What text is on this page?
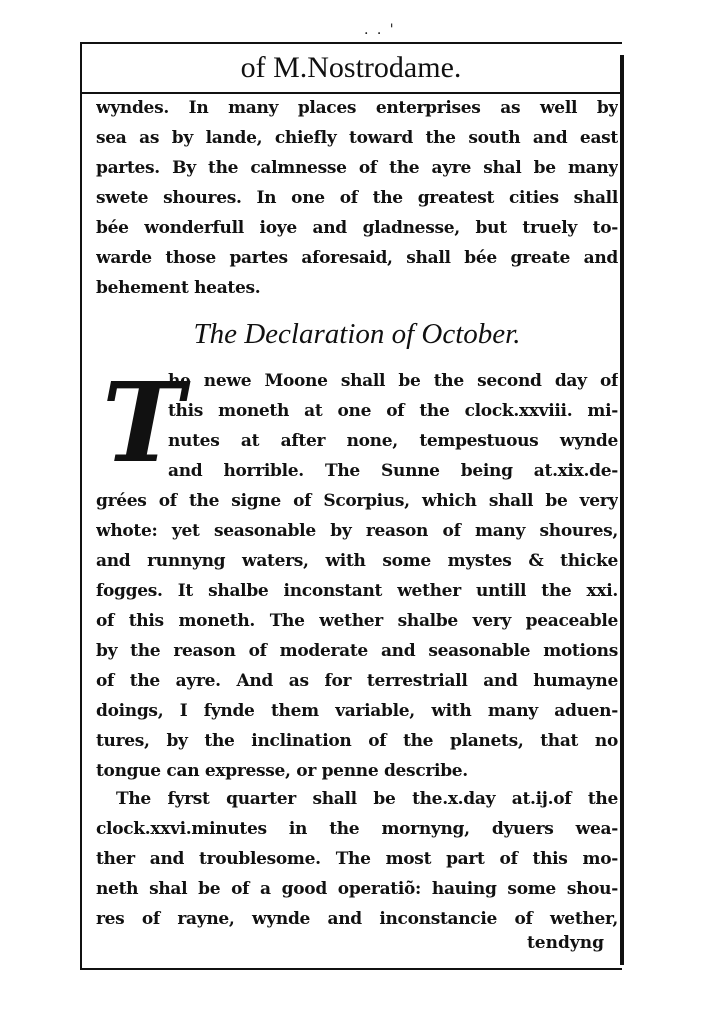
. . '
of M.Nostrodame.
wyndes. In many places enterprises as well by
sea as by lande, chiefly toward the south and east
partes. By the calmnesse of the ayre shal be many
swete shoures. In one of the greatest cities shall
bée wonderfull ioye and gladnesse, but truely to-
warde those partes aforesaid, shall bée greate and
behement heates.
The Declaration of October.
T
he newe Moone shall be the second day of
this moneth at one of the clock.xxviii. mi-
nutes at after none, tempestuous wynde
and horrible. The Sunne being at.xix.de-
grées of the signe of Scorpius, which shall be very
whote: yet seasonable by reason of many shoures,
and runnyng waters, with some mystes & thicke
fogges. It shalbe inconstant wether untill the xxi.
of this moneth. The wether shalbe very peaceable
by the reason of moderate and seasonable motions
of the ayre. And as for terrestriall and humayne
doings, I fynde them variable, with many aduen-
tures, by the inclination of the planets, that no
tongue can expresse, or penne describe.
The fyrst quarter shall be the.x.day at.ij.of the
clock.xxvi.minutes in the mornyng, dyuers wea-
ther and troublesome. The most part of this mo-
neth shal be of a good operatiõ: hauing some shou-
res of rayne, wynde and inconstancie of wether,
tendyng
